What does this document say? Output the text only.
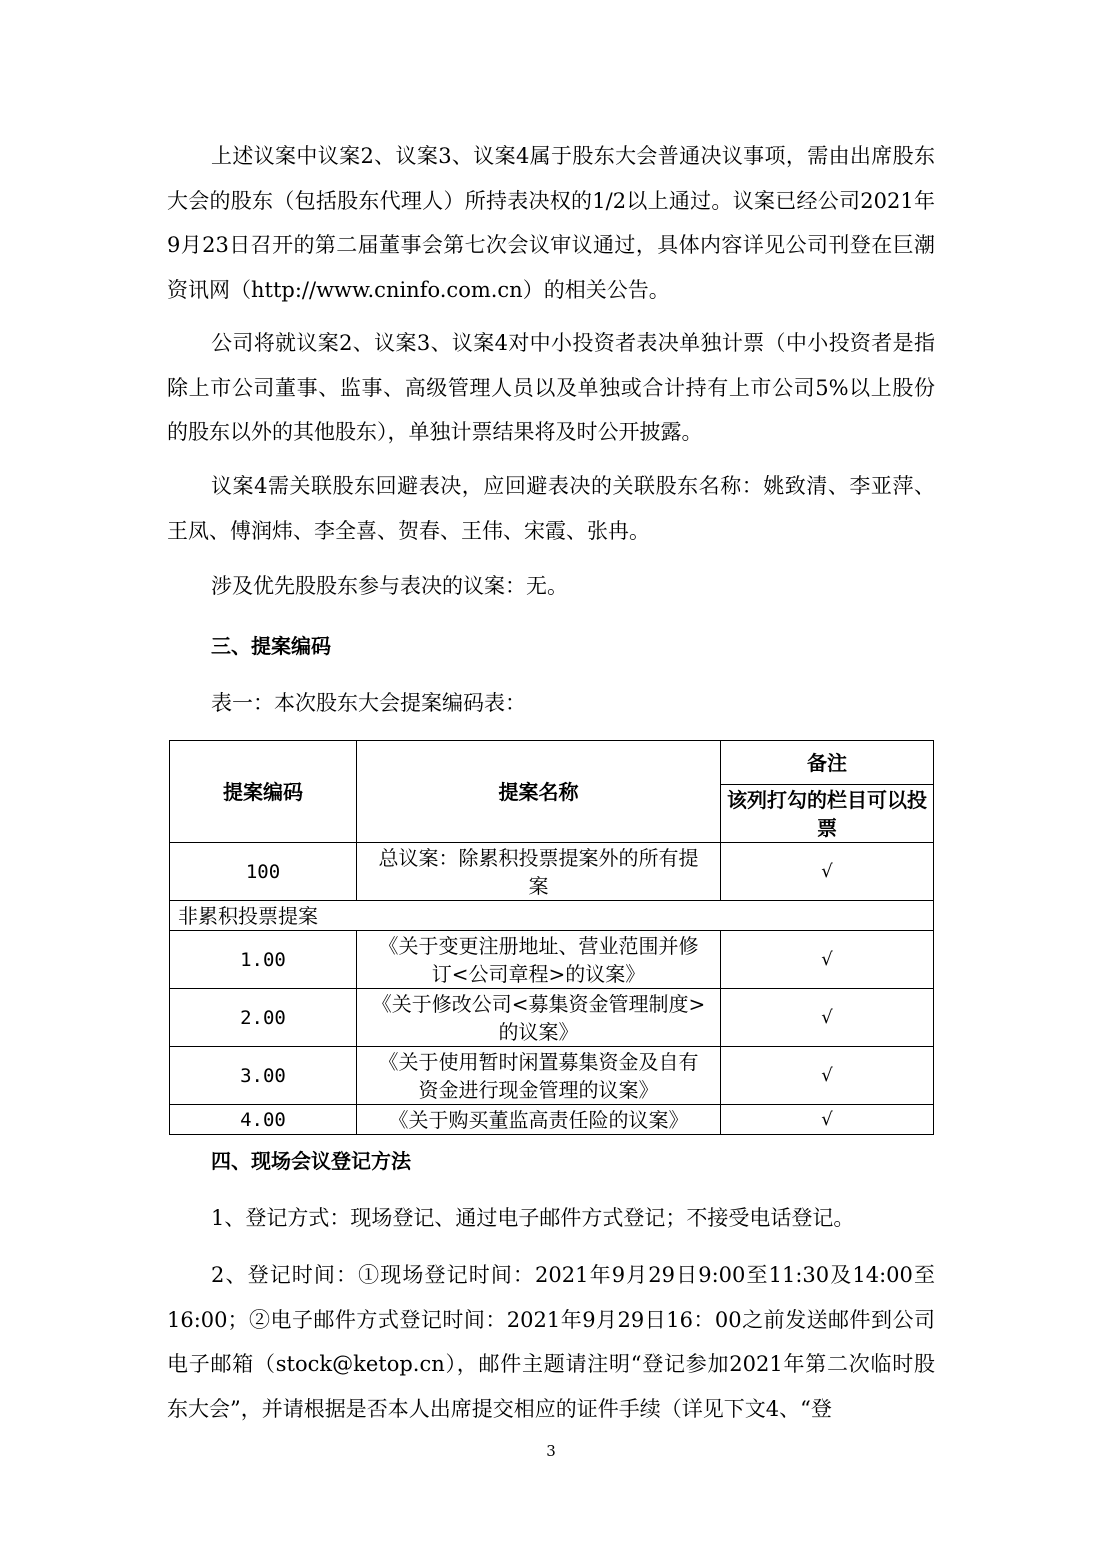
上述议案中议案2、议案3、议案4属于股东大会普通决议事项，需由出席股东大会的股东（包括股东代理人）所持表决权的1/2以上通过。议案已经公司2021年9月23日召开的第二届董事会第七次会议审议通过，具体内容详见公司刊登在巨潮资讯网（http://www.cninfo.com.cn）的相关公告。

公司将就议案2、议案3、议案4对中小投资者表决单独计票（中小投资者是指除上市公司董事、监事、高级管理人员以及单独或合计持有上市公司5%以上股份的股东以外的其他股东），单独计票结果将及时公开披露。

议案4需关联股东回避表决，应回避表决的关联股东名称：姚致清、李亚萍、王凤、傅润炜、李全喜、贺春、王伟、宋霞、张冉。

涉及优先股股东参与表决的议案：无。

三、提案编码

表一：本次股东大会提案编码表：

提案编码	提案名称	备注
		该列打勾的栏目可以投票
100	总议案：除累积投票提案外的所有提案	√
非累积投票提案		
1.00	《关于变更注册地址、营业范围并修订<公司章程>的议案》	√
2.00	《关于修改公司<募集资金管理制度>的议案》	√
3.00	《关于使用暂时闲置募集资金及自有资金进行现金管理的议案》	√
4.00	《关于购买董监高责任险的议案》	√

四、现场会议登记方法

1、登记方式：现场登记、通过电子邮件方式登记；不接受电话登记。

2、登记时间：①现场登记时间：2021年9月29日9:00至11:30及14:00至16:00；②电子邮件方式登记时间：2021年9月29日16：00之前发送邮件到公司电子邮箱（stock@ketop.cn），邮件主题请注明“登记参加2021年第二次临时股东大会”，并请根据是否本人出席提交相应的证件手续（详见下文4、“登

3
